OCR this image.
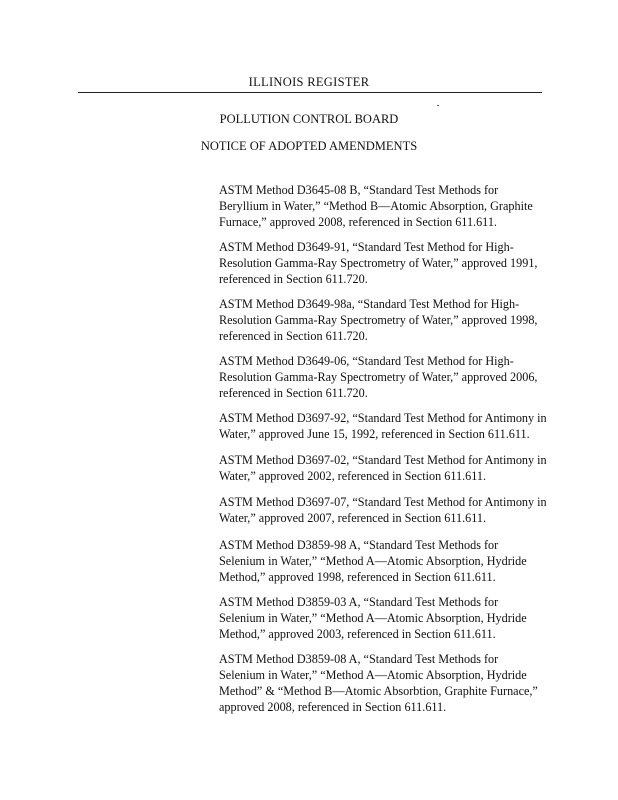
ILLINOIS REGISTER
POLLUTION CONTROL BOARD
NOTICE OF ADOPTED AMENDMENTS
ASTM Method D3645-08 B, “Standard Test Methods for
Beryllium in Water,” “Method B—Atomic Absorption, Graphite
Furnace,” approved 2008, referenced in Section 611.611.
ASTM Method D3649-91, “Standard Test Method for High-
Resolution Gamma-Ray Spectrometry of Water,” approved 1991,
referenced in Section 611.720.
ASTM Method D3649-98a, “Standard Test Method for High-
Resolution Gamma-Ray Spectrometry of Water,” approved 1998,
referenced in Section 611.720.
ASTM Method D3649-06, “Standard Test Method for High-
Resolution Gamma-Ray Spectrometry of Water,” approved 2006,
referenced in Section 611.720.
ASTM Method D3697-92, “Standard Test Method for Antimony in
Water,” approved June 15, 1992, referenced in Section 611.611.
ASTM Method D3697-02, “Standard Test Method for Antimony in
Water,” approved 2002, referenced in Section 611.611.
ASTM Method D3697-07, “Standard Test Method for Antimony in
Water,” approved 2007, referenced in Section 611.611.
ASTM Method D3859-98 A, “Standard Test Methods for
Selenium in Water,” “Method A—Atomic Absorption, Hydride
Method,” approved 1998, referenced in Section 611.611.
ASTM Method D3859-03 A, “Standard Test Methods for
Selenium in Water,” “Method A—Atomic Absorption, Hydride
Method,” approved 2003, referenced in Section 611.611.
ASTM Method D3859-08 A, “Standard Test Methods for
Selenium in Water,” “Method A—Atomic Absorption, Hydride
Method” & “Method B—Atomic Absorbtion, Graphite Furnace,”
approved 2008, referenced in Section 611.611.
